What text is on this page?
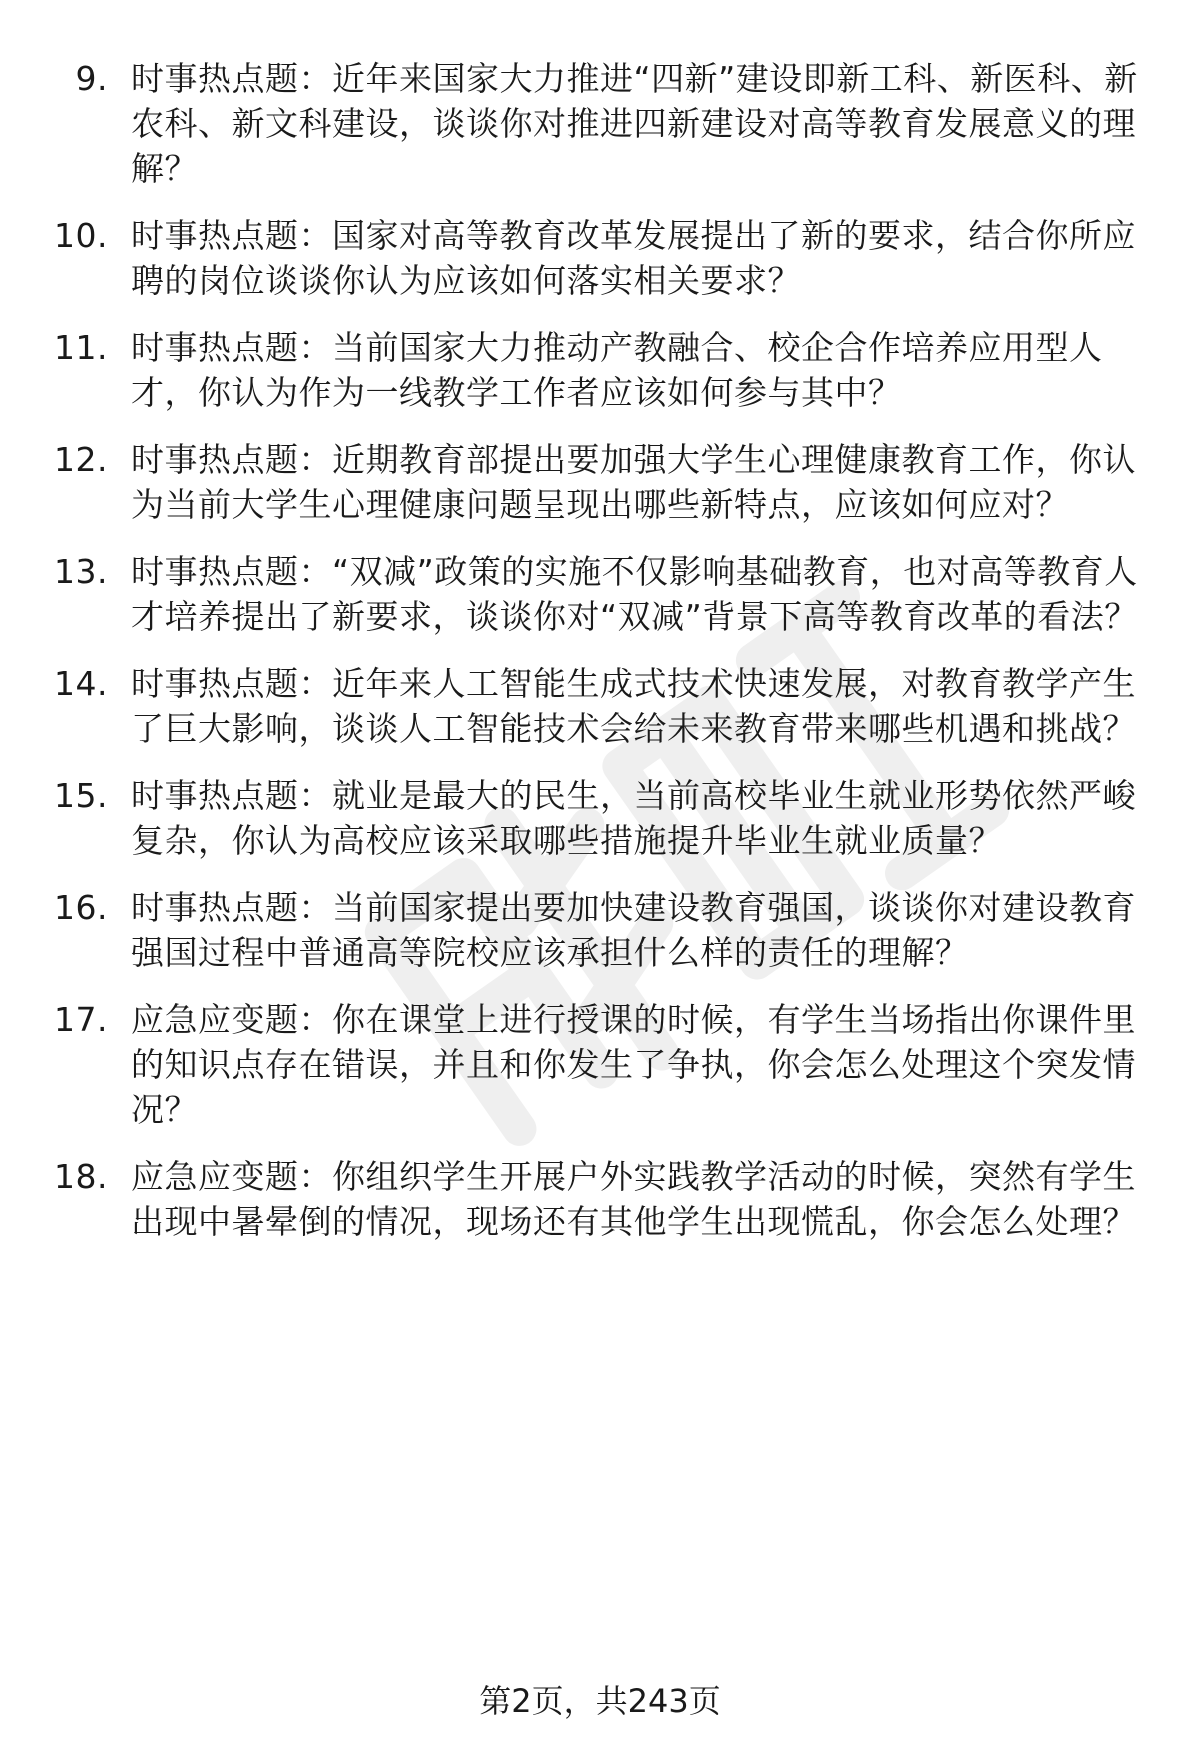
9. 时事热点题：近年来国家大力推进“四新”建设即新工科、新医科、新农科、新文科建设，谈谈你对推进四新建设对高等教育发展意义的理解？
10. 时事热点题：国家对高等教育改革发展提出了新的要求，结合你所应聘的岗位谈谈你认为应该如何落实相关要求？
11. 时事热点题：当前国家大力推动产教融合、校企合作培养应用型人才，你认为作为一线教学工作者应该如何参与其中？
12. 时事热点题：近期教育部提出要加强大学生心理健康教育工作，你认为当前大学生心理健康问题呈现出哪些新特点，应该如何应对？
13. 时事热点题：“双减”政策的实施不仅影响基础教育，也对高等教育人才培养提出了新要求，谈谈你对“双减”背景下高等教育改革的看法？
14. 时事热点题：近年来人工智能生成式技术快速发展，对教育教学产生了巨大影响，谈谈人工智能技术会给未来教育带来哪些机遇和挑战？
15. 时事热点题：就业是最大的民生，当前高校毕业生就业形势依然严峻复杂，你认为高校应该采取哪些措施提升毕业生就业质量？
16. 时事热点题：当前国家提出要加快建设教育强国，谈谈你对建设教育强国过程中普通高等院校应该承担什么样的责任的理解？
17. 应急应变题：你在课堂上进行授课的时候，有学生当场指出你课件里的知识点存在错误，并且和你发生了争执，你会怎么处理这个突发情况？
18. 应急应变题：你组织学生开展户外实践教学活动的时候，突然有学生出现中暑晕倒的情况，现场还有其他学生出现慌乱，你会怎么处理？
第2页，共243页
